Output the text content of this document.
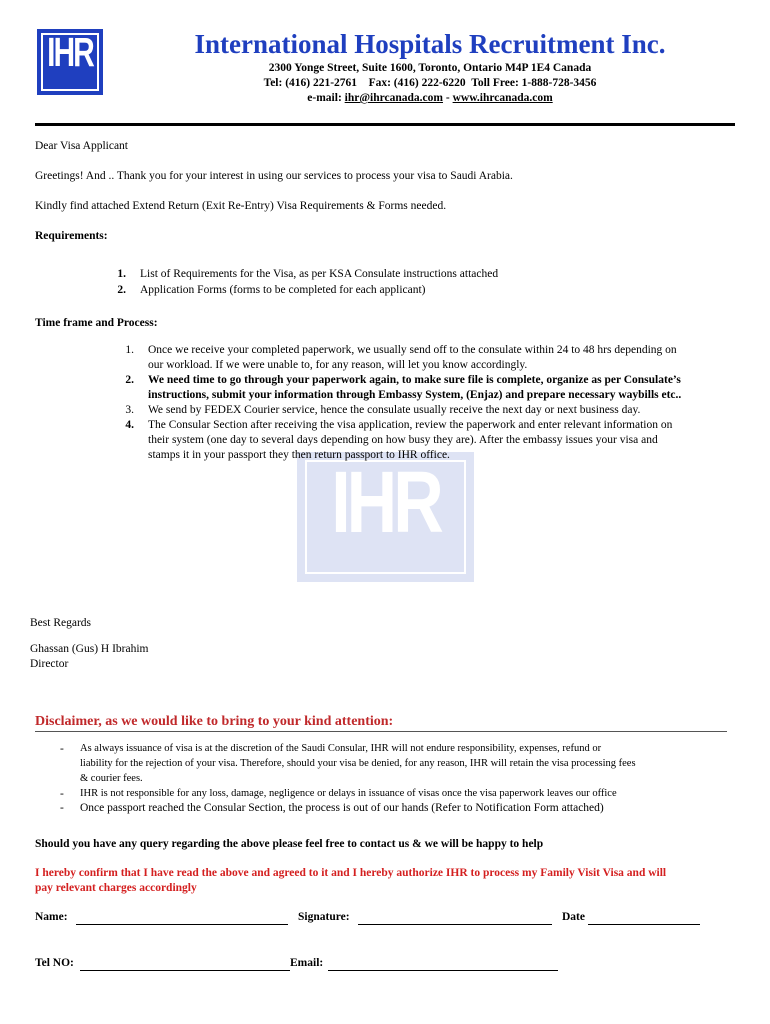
IHR	International Hospitals Recruitment Inc.
2300 Yonge Street, Suite 1600, Toronto, Ontario M4P 1E4 Canada
Tel: (416) 221-2761 Fax: (416) 222-6220 Toll Free: 1-888-728-3456
e-mail: ihr@ihrcanada.com - www.ihrcanada.com
IHR
Dear Visa Applicant
Greetings! And .. Thank you for your interest in using our services to process your visa to Saudi Arabia.
Kindly find attached Extend Return (Exit Re-Entry) Visa Requirements & Forms needed.
Requirements:
1. List of Requirements for the Visa, as per KSA Consulate instructions attached
2. Application Forms (forms to be completed for each applicant)
Time frame and Process:
1. Once we receive your completed paperwork, we usually send off to the consulate within 24 to 48 hrs depending on
our workload. If we were unable to, for any reason, will let you know accordingly.
2. We need time to go through your paperwork again, to make sure file is complete, organize as per Consulate’s
instructions, submit your information through Embassy System, (Enjaz) and prepare necessary waybills etc..
3. We send by FEDEX Courier service, hence the consulate usually receive the next day or next business day.
4. The Consular Section after receiving the visa application, review the paperwork and enter relevant information on
their system (one day to several days depending on how busy they are). After the embassy issues your visa and
stamps it in your passport they then return passport to IHR office.
Best Regards
Ghassan (Gus) H Ibrahim
Director
Disclaimer, as we would like to bring to your kind attention:
- As always issuance of visa is at the discretion of the Saudi Consular, IHR will not endure responsibility, expenses, refund or
liability for the rejection of your visa. Therefore, should your visa be denied, for any reason, IHR will retain the visa processing fees
& courier fees.
- IHR is not responsible for any loss, damage, negligence or delays in issuance of visas once the visa paperwork leaves our office
- Once passport reached the Consular Section, the process is out of our hands (Refer to Notification Form attached)
Should you have any query regarding the above please feel free to contact us & we will be happy to help
I hereby confirm that I have read the above and agreed to it and I hereby authorize IHR to process my Family Visit Visa and will
pay relevant charges accordingly
Name:	Signature:	Date
Tel NO:	Email:
